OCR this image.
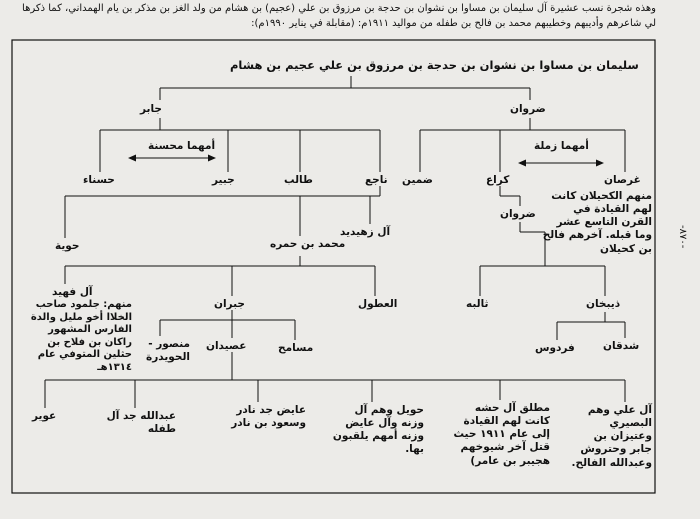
وهذه شجرة نسب عشيرة آل سليمان بن مساوا بن نشوان بن حدجة بن مرزوق بن علي (عجيم) بن هشام من ولد الغز بن مذكر بن يام الهمداني، كما ذكرها لي شاعرهم وأديبهم وخطيبهم محمد بن فالح بن طفله من مواليد ١٩١١م: (مقابلة في يناير ١٩٩٠م):
-٨٧٠-
سليمان بن مساوا بن نشوان بن حدجة بن مرزوق بن علي عجيم بن هشام
جابر	ضروان
أمهما محسنة	أمهما زملة
حسناء	جبير	طالب	ناجع ضمين	كراع	غرصان
منهم الكحيلان كانت لهم القيادة في القرن التاسع عشر وما قبله. آخرهم فالح بن كحيلان
حوية
آل زهيديد
محمد بن حمره
ضروان
آل فهيد
منهم: جلمود صاحب الخلاا أخو مليل والدة الفارس المشهور راكان بن فلاح بن حثلين المتوفي عام ١٣١٤هـ
جبران	العطول	ثالبه	ذيبخان
منصور - الحويدرة
عصيدان	مسامح	فردوس	شدقان
عوير	عبدالله جد آل طفله
عايض جد نادر وسعود بن نادر
حويل وهم آل وزنه وآل عايض وزنه أمهم يلقبون بها.
مطلق آل حشه كانت لهم القيادة إلى عام ١٩١١ حيث قتل آخر شيوخهم هجيبر بن عامر)
آل علي وهم البصيري وعتيزان بن جابر وحتروش وعبدالله الفالح.
